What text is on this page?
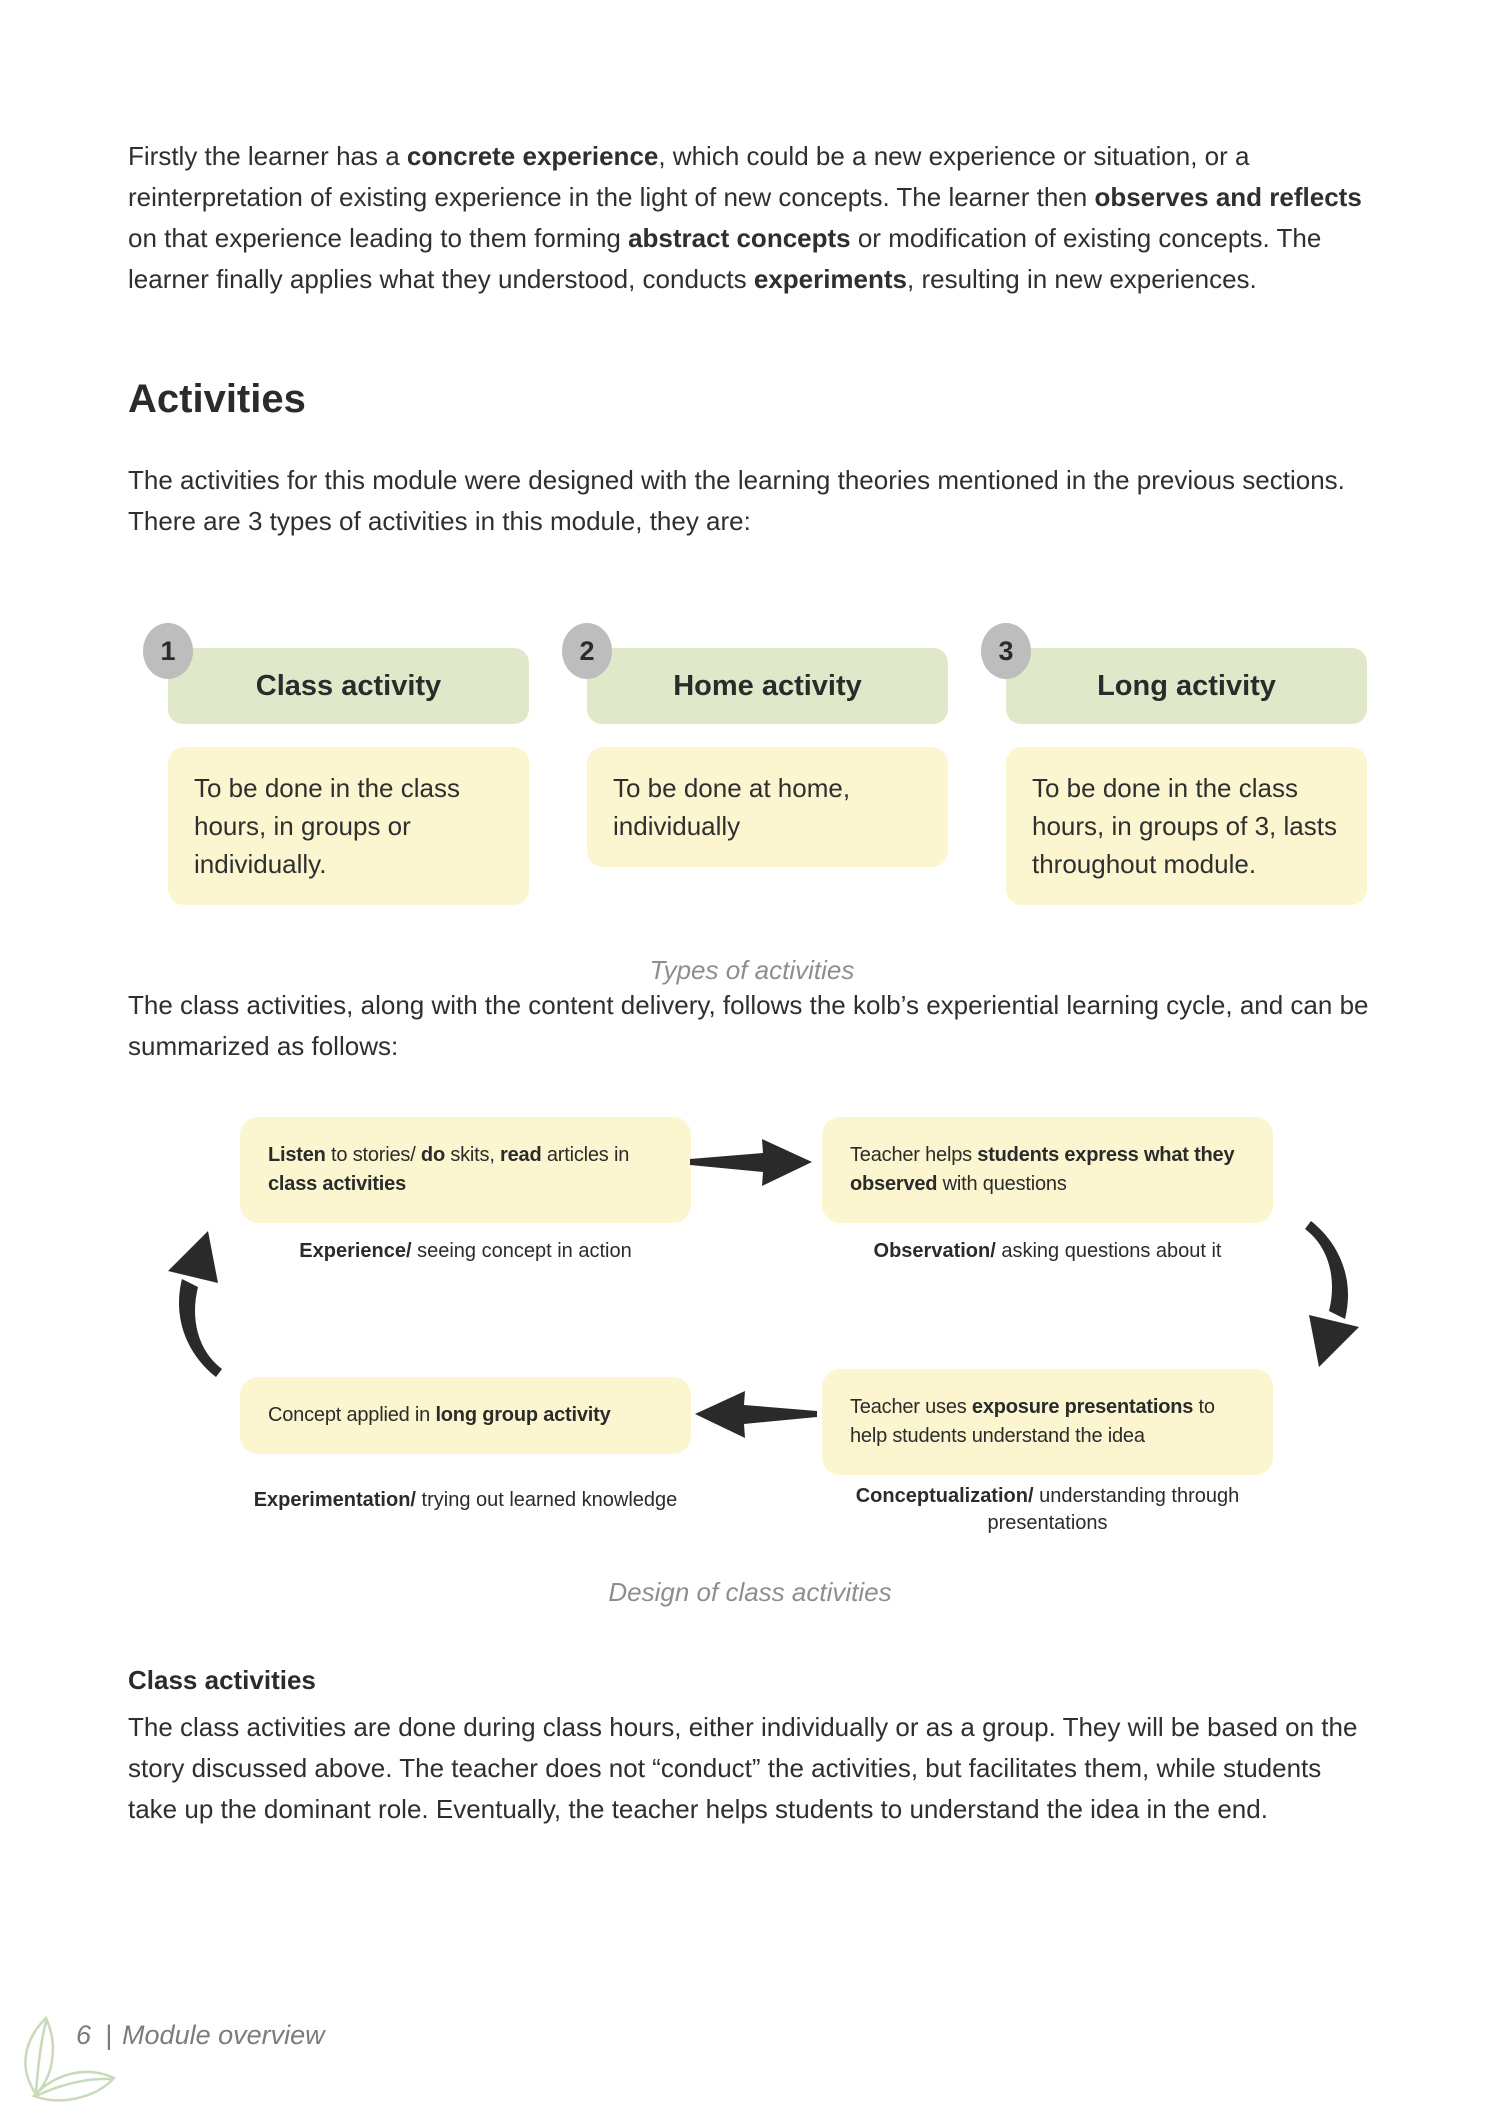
Firstly the learner has a concrete experience, which could be a new experience or situation, or a reinterpretation of existing experience in the light of new concepts. The learner then observes and reflects on that experience leading to them forming abstract concepts or modification of existing concepts. The learner finally applies what they understood, conducts experiments, resulting in new experiences.

Activities

The activities for this module were designed with the learning theories mentioned in the previous sections. There are 3 types of activities in this module, they are:

1
Class activity
To be done in the class hours, in groups or individually.
2
Home activity
To be done at home, individually
3
Long activity
To be done in the class hours, in groups of 3, lasts throughout module.
Types of activities

The class activities, along with the content delivery, follows the kolb’s experiential learning cycle, and can be summarized as follows:

Listen to stories/ do skits, read articles in class activities
Teacher helps students express what they observed with questions
Experience/ seeing concept in action	Observation/ asking questions about it
Concept applied in long group activity	Teacher uses exposure presentations to help students understand the idea
Experimentation/ trying out learned knowledge	Conceptualization/ understanding through presentations
Design of class activities
Class activities

The class activities are done during class hours, either individually or as a group. They will be based on the story discussed above. The teacher does not “conduct” the activities, but facilitates them, while students take up the dominant role. Eventually, the teacher helps students to understand the idea in the end.

6 | Module overview
